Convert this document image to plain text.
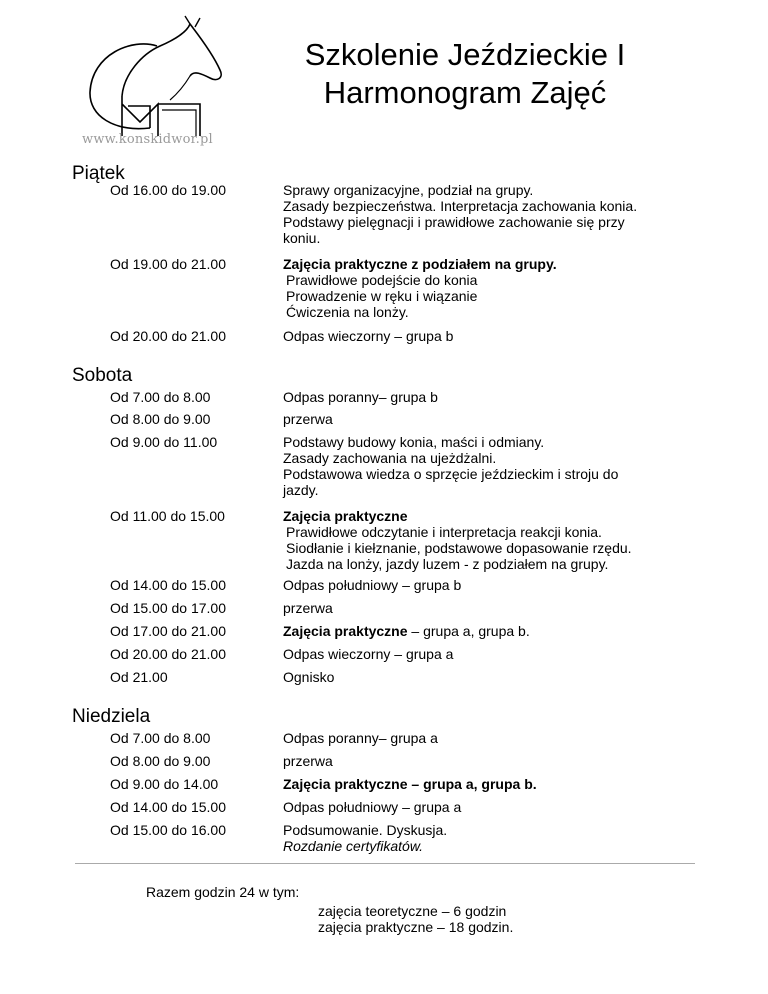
www.konskidwor.pl
Szkolenie Jeździeckie I
Harmonogram Zajęć
Piątek
Od 16.00 do 19.00	Sprawy organizacyjne, podział na grupy.
Zasady bezpieczeństwa. Interpretacja zachowania konia.
Podstawy pielęgnacji i prawidłowe zachowanie się przy
koniu.
Od 19.00 do 21.00	Zajęcia praktyczne z podziałem na grupy.
Prawidłowe podejście do konia
Prowadzenie w ręku i wiązanie
Ćwiczenia na lonży.
Od 20.00 do 21.00	Odpas wieczorny – grupa b
Sobota
Od 7.00 do 8.00	Odpas poranny– grupa b
Od 8.00 do 9.00	przerwa
Od 9.00 do 11.00	Podstawy budowy konia, maści i odmiany.
Zasady zachowania na ujeżdżalni.
Podstawowa wiedza o sprzęcie jeździeckim i stroju do
jazdy.
Od 11.00 do 15.00	Zajęcia praktyczne
Prawidłowe odczytanie i interpretacja reakcji konia.
Siodłanie i kiełznanie, podstawowe dopasowanie rzędu.
Jazda na lonży, jazdy luzem - z podziałem na grupy.
Od 14.00 do 15.00	Odpas południowy – grupa b
Od 15.00 do 17.00	przerwa
Od 17.00 do 21.00	Zajęcia praktyczne – grupa a, grupa b.
Od 20.00 do 21.00	Odpas wieczorny – grupa a
Od 21.00	Ognisko
Niedziela
Od 7.00 do 8.00	Odpas poranny– grupa a
Od 8.00 do 9.00	przerwa
Od 9.00 do 14.00	Zajęcia praktyczne – grupa a, grupa b.
Od 14.00 do 15.00	Odpas południowy – grupa a
Od 15.00 do 16.00	Podsumowanie. Dyskusja.
Rozdanie certyfikatów.
Razem godzin 24 w tym:
zajęcia teoretyczne – 6 godzin
zajęcia praktyczne – 18 godzin.
